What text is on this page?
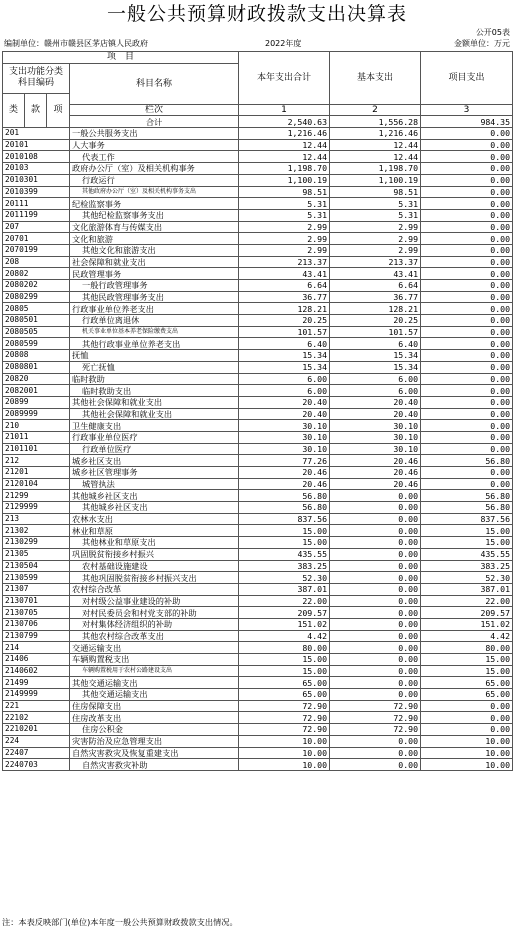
一般公共预算财政拨款支出决算表
公开05表
编制单位：赣州市赣县区茅店镇人民政府	2022年度	金额单位：万元
项　目				本年支出合计	基本支出	项目支出
支出功能分类科目编码			科目名称			

类	款	项				
			栏次	1	2	3
			合计	2,540.63	1,556.28	984.35
201			一般公共服务支出	1,216.46	1,216.46	0.00
20101			人大事务	12.44	12.44	0.00
2010108			代表工作	12.44	12.44	0.00
20103			政府办公厅（室）及相关机构事务	1,198.70	1,198.70	0.00
2010301			行政运行	1,100.19	1,100.19	0.00
2010399			其他政府办公厅（室）及相关机构事务支出	98.51	98.51	0.00
20111			纪检监察事务	5.31	5.31	0.00
2011199			其他纪检监察事务支出	5.31	5.31	0.00
207			文化旅游体育与传媒支出	2.99	2.99	0.00
20701			文化和旅游	2.99	2.99	0.00
2070199			其他文化和旅游支出	2.99	2.99	0.00
208			社会保障和就业支出	213.37	213.37	0.00
20802			民政管理事务	43.41	43.41	0.00
2080202			一般行政管理事务	6.64	6.64	0.00
2080299			其他民政管理事务支出	36.77	36.77	0.00
20805			行政事业单位养老支出	128.21	128.21	0.00
2080501			行政单位离退休	20.25	20.25	0.00
2080505			机关事业单位基本养老保险缴费支出	101.57	101.57	0.00
2080599			其他行政事业单位养老支出	6.40	6.40	0.00
20808			抚恤	15.34	15.34	0.00
2080801			死亡抚恤	15.34	15.34	0.00
20820			临时救助	6.00	6.00	0.00
2082001			临时救助支出	6.00	6.00	0.00
20899			其他社会保障和就业支出	20.40	20.40	0.00
2089999			其他社会保障和就业支出	20.40	20.40	0.00
210			卫生健康支出	30.10	30.10	0.00
21011			行政事业单位医疗	30.10	30.10	0.00
2101101			行政单位医疗	30.10	30.10	0.00
212			城乡社区支出	77.26	20.46	56.80
21201			城乡社区管理事务	20.46	20.46	0.00
2120104			城管执法	20.46	20.46	0.00
21299			其他城乡社区支出	56.80	0.00	56.80
2129999			其他城乡社区支出	56.80	0.00	56.80
213			农林水支出	837.56	0.00	837.56
21302			林业和草原	15.00	0.00	15.00
2130299			其他林业和草原支出	15.00	0.00	15.00
21305			巩固脱贫衔接乡村振兴	435.55	0.00	435.55
2130504			农村基础设施建设	383.25	0.00	383.25
2130599			其他巩固脱贫衔接乡村振兴支出	52.30	0.00	52.30
21307			农村综合改革	387.01	0.00	387.01
2130701			对村级公益事业建设的补助	22.00	0.00	22.00
2130705			对村民委员会和村党支部的补助	209.57	0.00	209.57
2130706			对村集体经济组织的补助	151.02	0.00	151.02
2130799			其他农村综合改革支出	4.42	0.00	4.42
214			交通运输支出	80.00	0.00	80.00
21406			车辆购置税支出	15.00	0.00	15.00
2140602			车辆购置税用于农村公路建设支出	15.00	0.00	15.00
21499			其他交通运输支出	65.00	0.00	65.00
2149999			其他交通运输支出	65.00	0.00	65.00
221			住房保障支出	72.90	72.90	0.00
22102			住房改革支出	72.90	72.90	0.00
2210201			住房公积金	72.90	72.90	0.00
224			灾害防治及应急管理支出	10.00	0.00	10.00
22407			自然灾害救灾及恢复重建支出	10.00	0.00	10.00
2240703			自然灾害救灾补助	10.00	0.00	10.00
注：本表反映部门(单位)本年度一般公共预算财政拨款支出情况。
